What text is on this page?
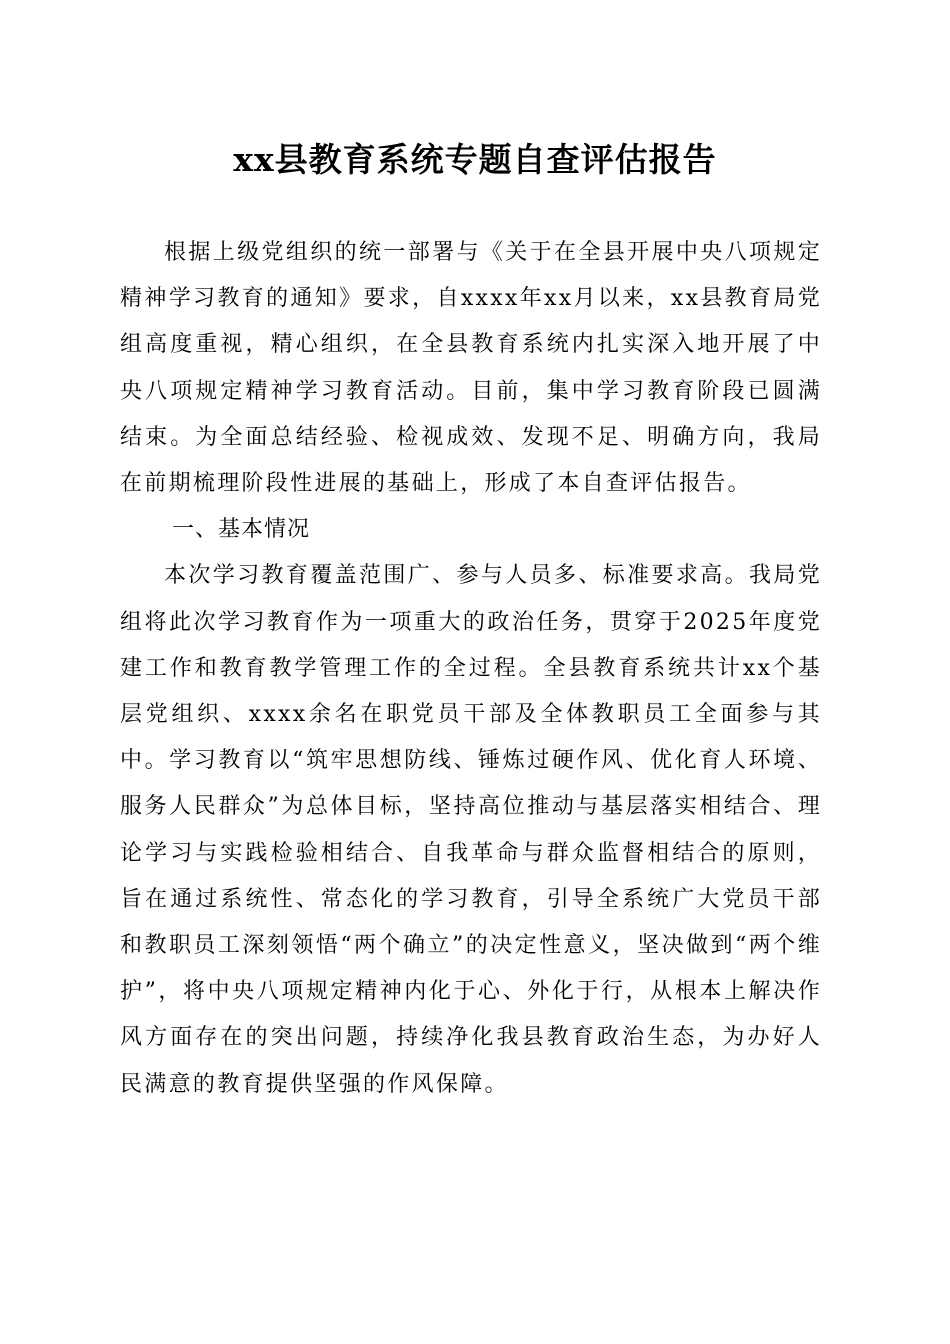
xx县教育系统专题自查评估报告

根据上级党组织的统一部署与《关于在全县开展中央八项规定精神学习教育的通知》要求，自xxxx年xx月以来，xx县教育局党组高度重视，精心组织，在全县教育系统内扎实深入地开展了中央八项规定精神学习教育活动。目前，集中学习教育阶段已圆满结束。为全面总结经验、检视成效、发现不足、明确方向，我局在前期梳理阶段性进展的基础上，形成了本自查评估报告。

一、基本情况

本次学习教育覆盖范围广、参与人员多、标准要求高。我局党组将此次学习教育作为一项重大的政治任务，贯穿于2025年度党建工作和教育教学管理工作的全过程。全县教育系统共计xx个基层党组织、xxxx余名在职党员干部及全体教职员工全面参与其中。学习教育以“筑牢思想防线、锤炼过硬作风、优化育人环境、服务人民群众”为总体目标，坚持高位推动与基层落实相结合、理论学习与实践检验相结合、自我革命与群众监督相结合的原则，旨在通过系统性、常态化的学习教育，引导全系统广大党员干部和教职员工深刻领悟“两个确立”的决定性意义，坚决做到“两个维护”，将中央八项规定精神内化于心、外化于行，从根本上解决作风方面存在的突出问题，持续净化我县教育政治生态，为办好人民满意的教育提供坚强的作风保障。
